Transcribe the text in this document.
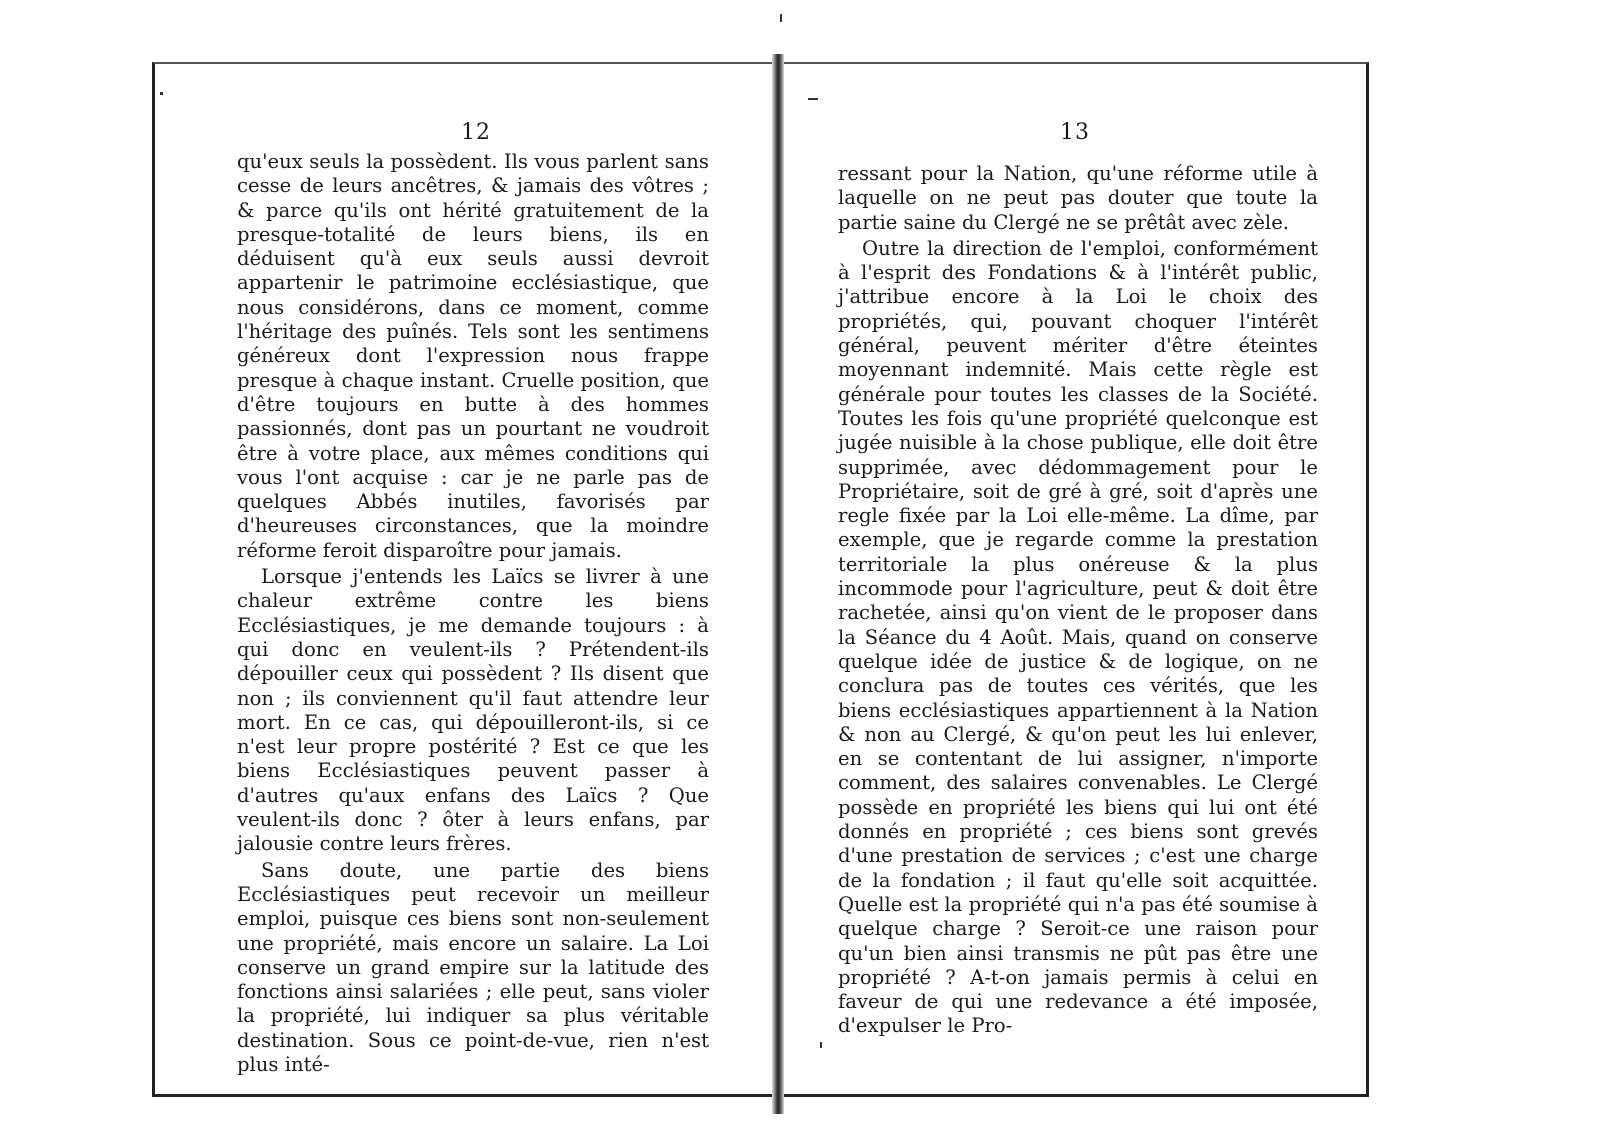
12

qu'eux seuls la possèdent. Ils vous parlent sans cesse de leurs ancêtres, & jamais des vôtres ; & parce qu'ils ont hérité gratuitement de la presque-totalité de leurs biens, ils en déduisent qu'à eux seuls aussi devroit appartenir le patrimoine ecclésiastique, que nous considérons, dans ce moment, comme l'héritage des puînés. Tels sont les sentimens généreux dont l'expression nous frappe presque à chaque instant. Cruelle position, que d'être toujours en butte à des hommes passionnés, dont pas un pourtant ne voudroit être à votre place, aux mêmes conditions qui vous l'ont acquise : car je ne parle pas de quelques Abbés inutiles, favorisés par d'heureuses circonstances, que la moindre réforme feroit disparoître pour jamais.

Lorsque j'entends les Laïcs se livrer à une chaleur extrême contre les biens Ecclésiastiques, je me demande toujours : à qui donc en veulent-ils ? Prétendent-ils dépouiller ceux qui possèdent ? Ils disent que non ; ils conviennent qu'il faut attendre leur mort. En ce cas, qui dépouilleront-ils, si ce n'est leur propre postérité ? Est ce que les biens Ecclésiastiques peuvent passer à d'autres qu'aux enfans des Laïcs ? Que veulent-ils donc ? ôter à leurs enfans, par jalousie contre leurs frères.

Sans doute, une partie des biens Ecclésiastiques peut recevoir un meilleur emploi, puisque ces biens sont non-seulement une propriété, mais encore un salaire. La Loi conserve un grand empire sur la latitude des fonctions ainsi salariées ; elle peut, sans violer la propriété, lui indiquer sa plus véritable destination. Sous ce point-de-vue, rien n'est plus inté-

13

ressant pour la Nation, qu'une réforme utile à laquelle on ne peut pas douter que toute la partie saine du Clergé ne se prêtât avec zèle.

Outre la direction de l'emploi, conformément à l'esprit des Fondations & à l'intérêt public, j'attribue encore à la Loi le choix des propriétés, qui, pouvant choquer l'intérêt général, peuvent mériter d'être éteintes moyennant indemnité. Mais cette règle est générale pour toutes les classes de la Société. Toutes les fois qu'une propriété quelconque est jugée nuisible à la chose publique, elle doit être supprimée, avec dédommagement pour le Propriétaire, soit de gré à gré, soit d'après une regle fixée par la Loi elle-même. La dîme, par exemple, que je regarde comme la prestation territoriale la plus onéreuse & la plus incommode pour l'agriculture, peut & doit être rachetée, ainsi qu'on vient de le proposer dans la Séance du 4 Août. Mais, quand on conserve quelque idée de justice & de logique, on ne conclura pas de toutes ces vérités, que les biens ecclésiastiques appartiennent à la Nation & non au Clergé, & qu'on peut les lui enlever, en se contentant de lui assigner, n'importe comment, des salaires convenables. Le Clergé possède en propriété les biens qui lui ont été donnés en propriété ; ces biens sont grevés d'une prestation de services ; c'est une charge de la fondation ; il faut qu'elle soit acquittée. Quelle est la propriété qui n'a pas été soumise à quelque charge ? Seroit-ce une raison pour qu'un bien ainsi transmis ne pût pas être une propriété ? A-t-on jamais permis à celui en faveur de qui une redevance a été imposée, d'expulser le Pro-
